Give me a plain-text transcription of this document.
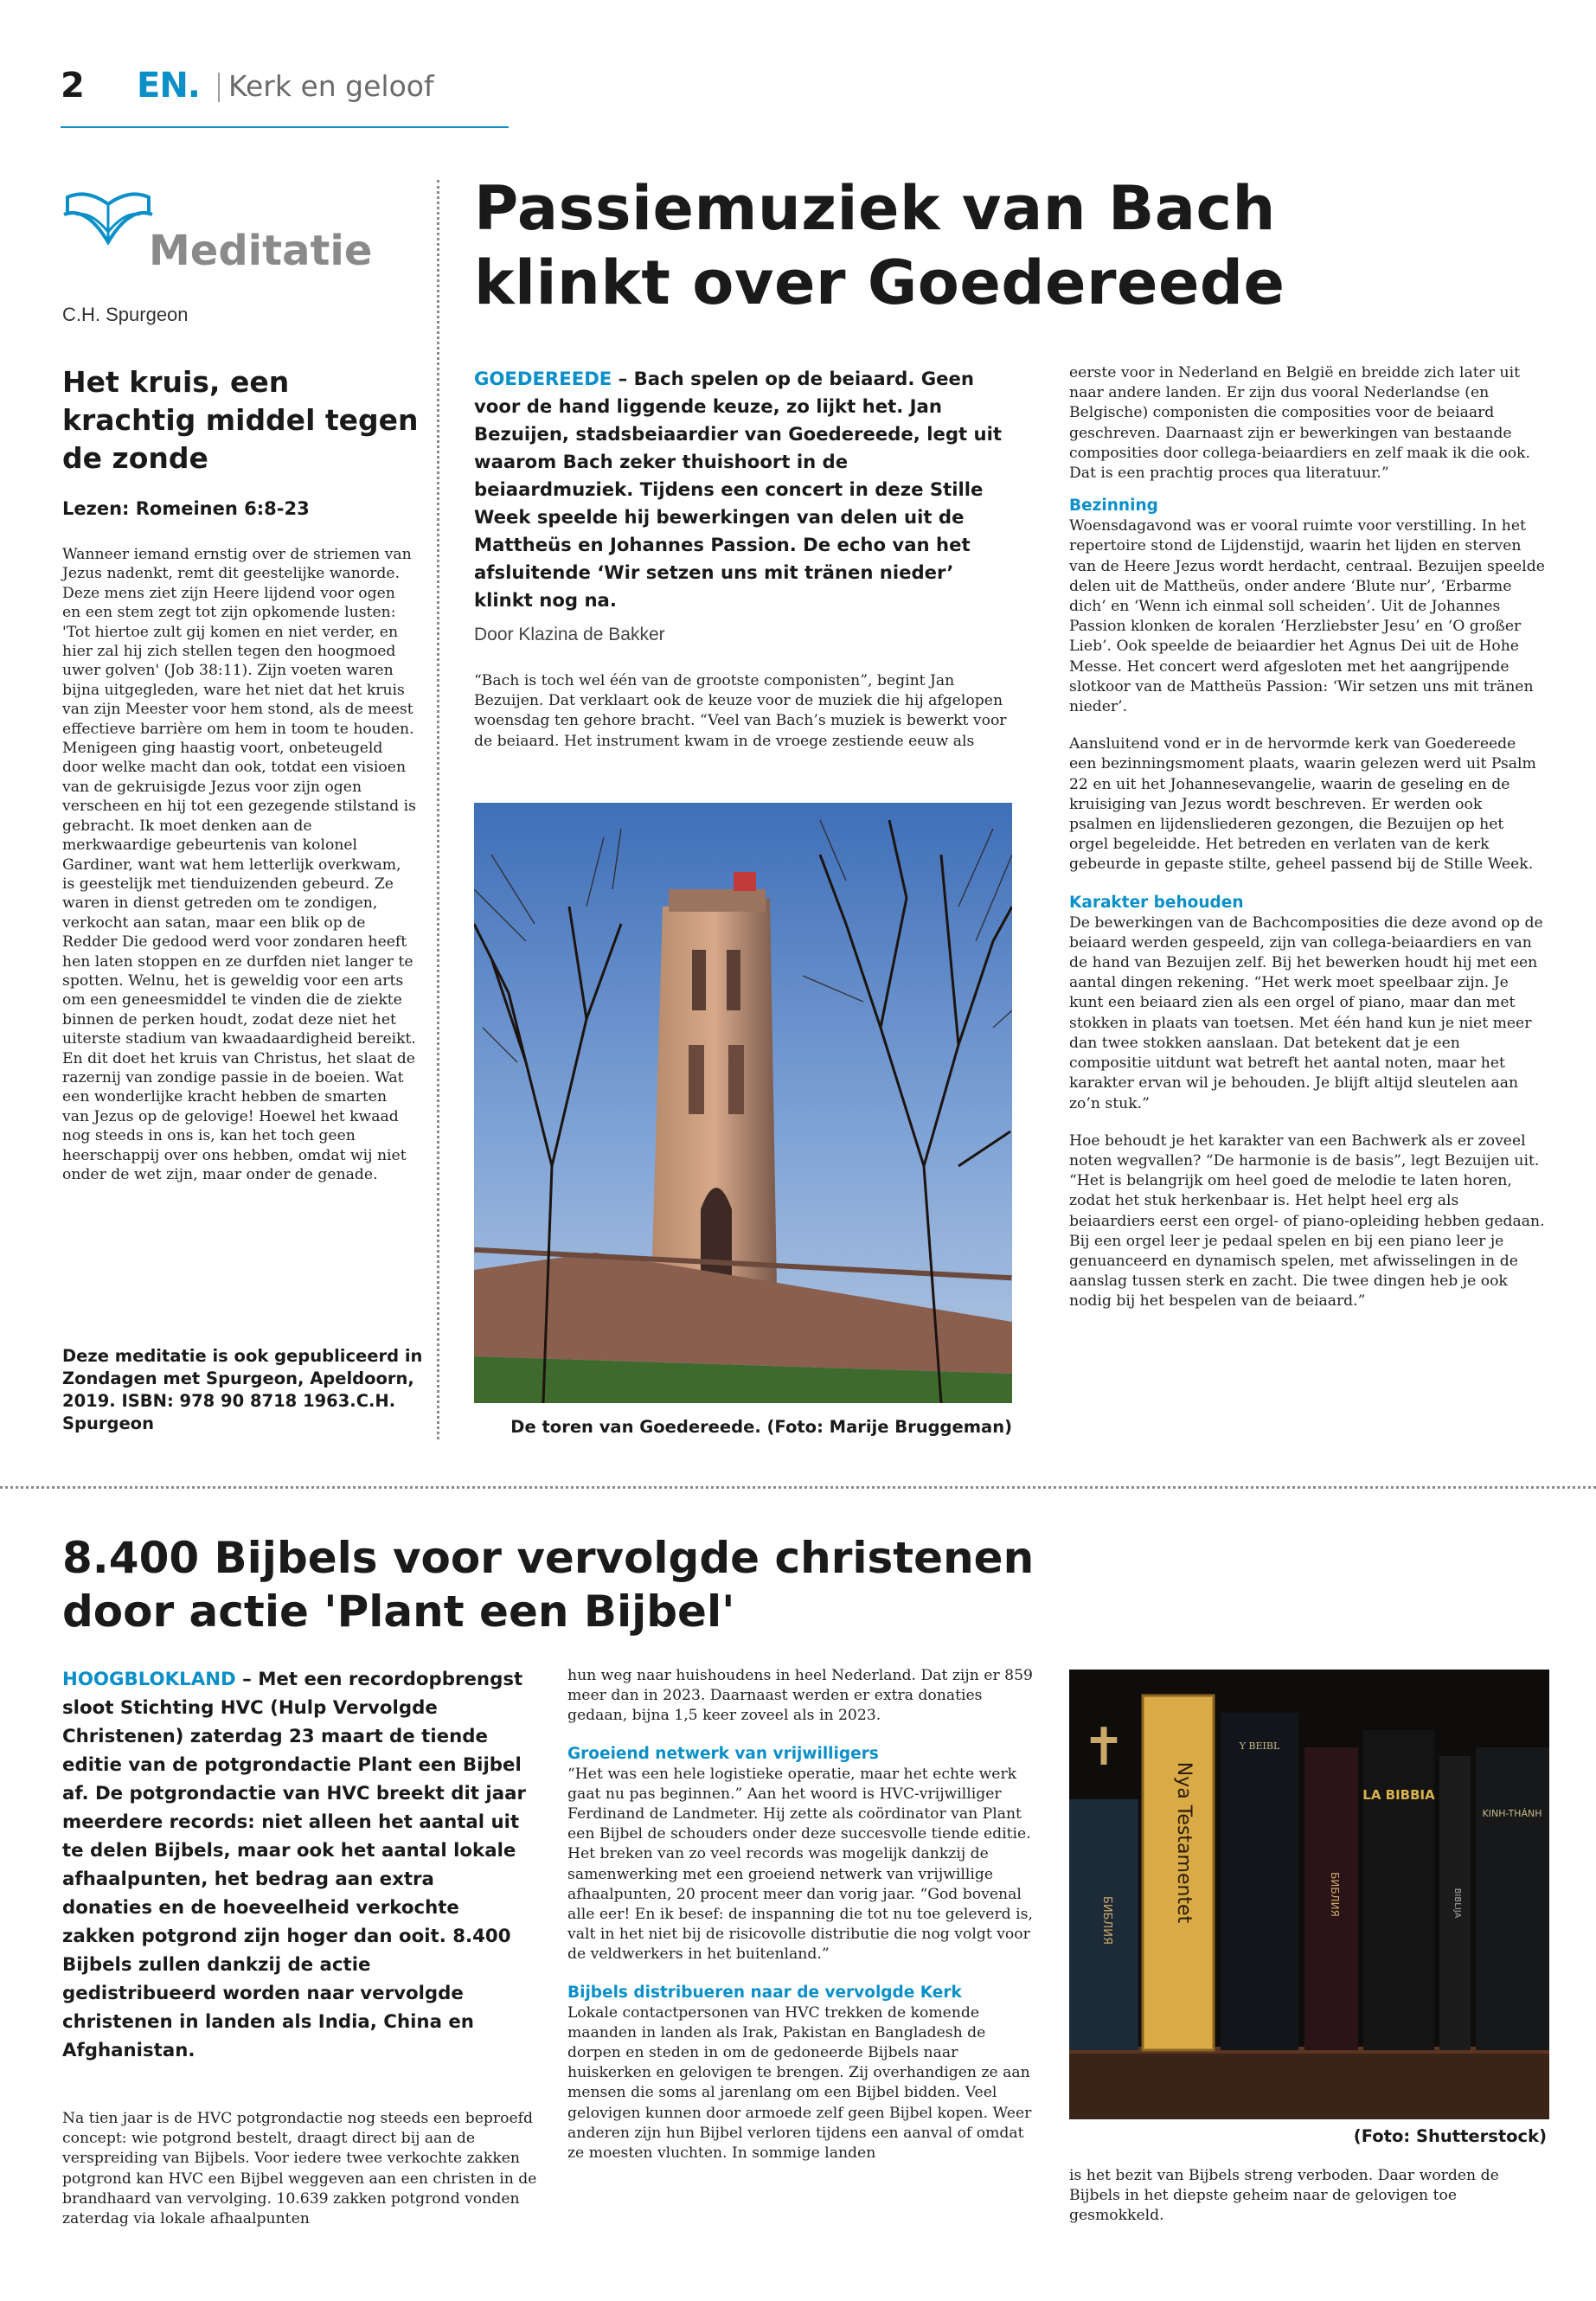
2 EN. Kerk en geloof
Meditatie
C.H. Spurgeon
Het kruis, een krachtig middel tegen de zonde
Lezen: Romeinen 6:8-23
Wanneer iemand ernstig over de striemen van Jezus nadenkt, remt dit geestelijke wanorde. Deze mens ziet zijn Heere lijdend voor ogen en een stem zegt tot zijn opkomende lusten: 'Tot hiertoe zult gij komen en niet verder, en hier zal hij zich stellen tegen den hoogmoed uwer golven' (Job 38:11). Zijn voeten waren bijna uitgegleden, ware het niet dat het kruis van zijn Meester voor hem stond, als de meest effectieve barrière om hem in toom te houden. Menigeen ging haastig voort, onbeteugeld door welke macht dan ook, totdat een visioen van de gekruisigde Jezus voor zijn ogen verscheen en hij tot een gezegende stilstand is gebracht. Ik moet denken aan de merkwaardige gebeurtenis van kolonel Gardiner, want wat hem letterlijk overkwam, is geestelijk met tienduizenden gebeurd. Ze waren in dienst getreden om te zondigen, verkocht aan satan, maar een blik op de Redder Die gedood werd voor zondaren heeft hen laten stoppen en ze durfden niet langer te spotten. Welnu, het is geweldig voor een arts om een geneesmiddel te vinden die de ziekte binnen de perken houdt, zodat deze niet het uiterste stadium van kwaadaardigheid bereikt. En dit doet het kruis van Christus, het slaat de razernij van zondige passie in de boeien. Wat een wonderlijke kracht hebben de smarten van Jezus op de gelovige! Hoewel het kwaad nog steeds in ons is, kan het toch geen heerschappij over ons hebben, omdat wij niet onder de wet zijn, maar onder de genade.
Deze meditatie is ook gepubliceerd in Zondagen met Spurgeon, Apeldoorn, 2019. ISBN: 978 90 8718 1963.C.H. Spurgeon
Passiemuziek van Bach klinkt over Goedereede
GOEDEREEDE – Bach spelen op de beiaard. Geen voor de hand liggende keuze, zo lijkt het. Jan Bezuijen, stadsbeiaardier van Goedereede, legt uit waarom Bach zeker thuishoort in de beiaardmuziek. Tijdens een concert in deze Stille Week speelde hij bewerkingen van delen uit de Mattheüs en Johannes Passion. De echo van het afsluitende ‘Wir setzen uns mit tränen nieder’ klinkt nog na.
Door Klazina de Bakker
“Bach is toch wel één van de grootste componisten”, begint Jan Bezuijen. Dat verklaart ook de keuze voor de muziek die hij afgelopen woensdag ten gehore bracht. “Veel van Bach’s muziek is bewerkt voor de beiaard. Het instrument kwam in de vroege zestiende eeuw als
De toren van Goedereede. (Foto: Marije Bruggeman)

eerste voor in Nederland en België en breidde zich later uit naar andere landen. Er zijn dus vooral Nederlandse (en Belgische) componisten die composities voor de beiaard geschreven. Daarnaast zijn er bewerkingen van bestaande composities door collega-beiaardiers en zelf maak ik die ook. Dat is een prachtig proces qua literatuur.”

Bezinning

Woensdagavond was er vooral ruimte voor verstilling. In het repertoire stond de Lijdenstijd, waarin het lijden en sterven van de Heere Jezus wordt herdacht, centraal. Bezuijen speelde delen uit de Mattheüs, onder andere ‘Blute nur’, ‘Erbarme dich’ en ‘Wenn ich einmal soll scheiden’. Uit de Johannes Passion klonken de koralen ‘Herzliebster Jesu’ en ‘O großer Lieb’. Ook speelde de beiaardier het Agnus Dei uit de Hohe Messe. Het concert werd afgesloten met het aangrijpende slotkoor van de Mattheüs Passion: ‘Wir setzen uns mit tränen nieder’.

Aansluitend vond er in de hervormde kerk van Goedereede een bezinningsmoment plaats, waarin gelezen werd uit Psalm 22 en uit het Johannesevangelie, waarin de geseling en de kruisiging van Jezus wordt beschreven. Er werden ook psalmen en lijdensliederen gezongen, die Bezuijen op het orgel begeleidde. Het betreden en verlaten van de kerk gebeurde in gepaste stilte, geheel passend bij de Stille Week.

Karakter behouden

De bewerkingen van de Bachcomposities die deze avond op de beiaard werden gespeeld, zijn van collega-beiaardiers en van de hand van Bezuijen zelf. Bij het bewerken houdt hij met een aantal dingen rekening. “Het werk moet speelbaar zijn. Je kunt een beiaard zien als een orgel of piano, maar dan met stokken in plaats van toetsen. Met één hand kun je niet meer dan twee stokken aanslaan. Dat betekent dat je een compositie uitdunt wat betreft het aantal noten, maar het karakter ervan wil je behouden. Je blijft altijd sleutelen aan zo’n stuk.”

Hoe behoudt je het karakter van een Bachwerk als er zoveel noten wegvallen? “De harmonie is de basis”, legt Bezuijen uit. “Het is belangrijk om heel goed de melodie te laten horen, zodat het stuk herkenbaar is. Het helpt heel erg als beiaardiers eerst een orgel- of piano-opleiding hebben gedaan. Bij een orgel leer je pedaal spelen en bij een piano leer je genuanceerd en dynamisch spelen, met afwisselingen in de aanslag tussen sterk en zacht. Die twee dingen heb je ook nodig bij het bespelen van de beiaard.”

8.400 Bijbels voor vervolgde christenen door actie 'Plant een Bijbel'
HOOGBLOKLAND – Met een recordopbrengst sloot Stichting HVC (Hulp Vervolgde Christenen) zaterdag 23 maart de tiende editie van de potgrondactie Plant een Bijbel af. De potgrondactie van HVC breekt dit jaar meerdere records: niet alleen het aantal uit te delen Bijbels, maar ook het aantal lokale afhaalpunten, het bedrag aan extra donaties en de hoeveelheid verkochte zakken potgrond zijn hoger dan ooit. 8.400 Bijbels zullen dankzij de actie gedistribueerd worden naar vervolgde christenen in landen als India, China en Afghanistan.
Na tien jaar is de HVC potgrondactie nog steeds een beproefd concept: wie potgrond bestelt, draagt direct bij aan de verspreiding van Bijbels. Voor iedere twee verkochte zakken potgrond kan HVC een Bijbel weggeven aan een christen in de brandhaard van vervolging. 10.639 zakken potgrond vonden zaterdag via lokale afhaalpunten

hun weg naar huishoudens in heel Nederland. Dat zijn er 859 meer dan in 2023. Daarnaast werden er extra donaties gedaan, bijna 1,5 keer zoveel als in 2023.

Groeiend netwerk van vrijwilligers

“Het was een hele logistieke operatie, maar het echte werk gaat nu pas beginnen.” Aan het woord is HVC-vrijwilliger Ferdinand de Landmeter. Hij zette als coördinator van Plant een Bijbel de schouders onder deze succesvolle tiende editie. Het breken van zo veel records was mogelijk dankzij de samenwerking met een groeiend netwerk van vrijwillige afhaalpunten, 20 procent meer dan vorig jaar. “God bovenal alle eer! En ik besef: de inspanning die tot nu toe geleverd is, valt in het niet bij de risicovolle distributie die nog volgt voor de veldwerkers in het buitenland.”

Bijbels distribueren naar de vervolgde Kerk

Lokale contactpersonen van HVC trekken de komende maanden in landen als Irak, Pakistan en Bangladesh de dorpen en steden in om de gedoneerde Bijbels naar huiskerken en gelovigen te brengen. Zij overhandigen ze aan mensen die soms al jarenlang om een Bijbel bidden. Veel gelovigen kunnen door armoede zelf geen Bijbel kopen. Weer anderen zijn hun Bijbel verloren tijdens een aanval of omdat ze moesten vluchten. In sommige landen

✝
БИБЛИЯ	Nya Testamentet
Y BEIBL
БИБЛИЯ
LA BIBBIA
BIBLIJA
KINH-THÁNH
(Foto: Shutterstock)
is het bezit van Bijbels streng verboden. Daar worden de Bijbels in het diepste geheim naar de gelovigen toe gesmokkeld.
